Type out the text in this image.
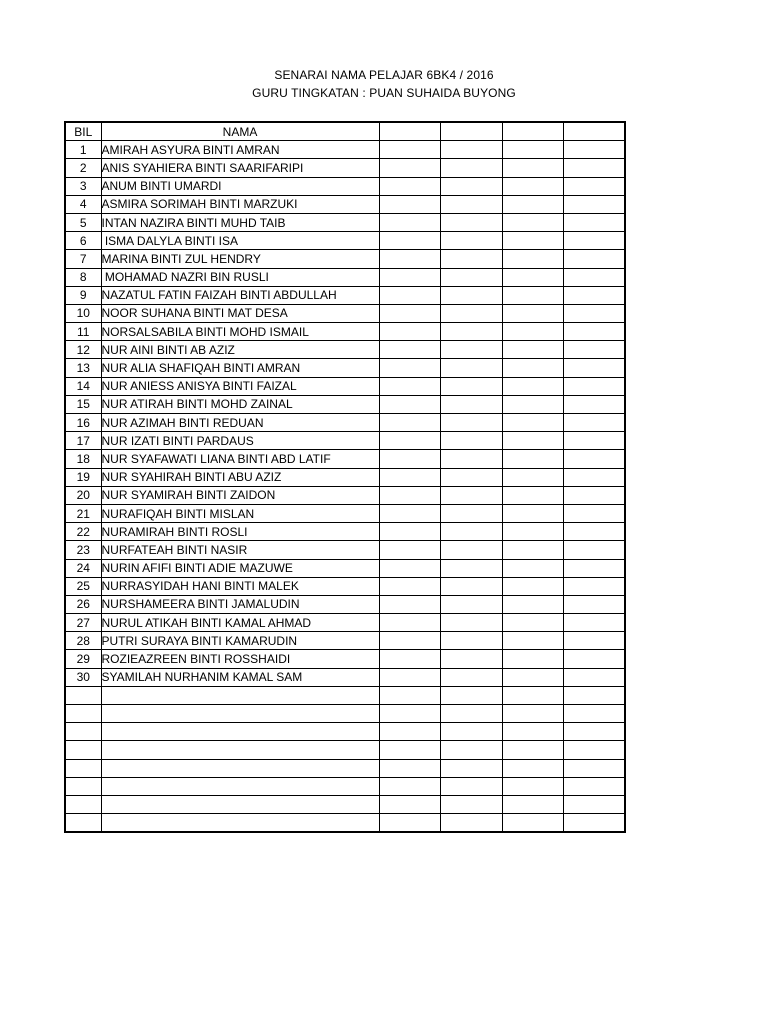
SENARAI NAMA PELAJAR 6BK4 / 2016
GURU TINGKATAN : PUAN SUHAIDA BUYONG
BIL	NAMA				
1	AMIRAH ASYURA BINTI AMRAN				
2	ANIS SYAHIERA BINTI SAARIFARIPI				
3	ANUM BINTI UMARDI				
4	ASMIRA SORIMAH BINTI MARZUKI				
5	INTAN NAZIRA BINTI MUHD TAIB				
6	ISMA DALYLA BINTI ISA				
7	MARINA BINTI ZUL HENDRY				
8	MOHAMAD NAZRI BIN RUSLI				
9	NAZATUL FATIN FAIZAH BINTI ABDULLAH				
10	NOOR SUHANA BINTI MAT DESA				
11	NORSALSABILA BINTI MOHD ISMAIL				
12	NUR AINI BINTI AB AZIZ				
13	NUR ALIA SHAFIQAH BINTI AMRAN				
14	NUR ANIESS ANISYA BINTI FAIZAL				
15	NUR ATIRAH BINTI MOHD ZAINAL				
16	NUR AZIMAH BINTI REDUAN				
17	NUR IZATI BINTI PARDAUS				
18	NUR SYAFAWATI LIANA BINTI ABD LATIF				
19	NUR SYAHIRAH BINTI ABU AZIZ				
20	NUR SYAMIRAH BINTI ZAIDON				
21	NURAFIQAH BINTI MISLAN				
22	NURAMIRAH BINTI ROSLI				
23	NURFATEAH BINTI NASIR				
24	NURIN AFIFI BINTI ADIE MAZUWE				
25	NURRASYIDAH HANI BINTI MALEK				
26	NURSHAMEERA BINTI JAMALUDIN				
27	NURUL ATIKAH BINTI KAMAL AHMAD				
28	PUTRI SURAYA BINTI KAMARUDIN				
29	ROZIEAZREEN BINTI ROSSHAIDI				
30	SYAMILAH NURHANIM KAMAL SAM				
